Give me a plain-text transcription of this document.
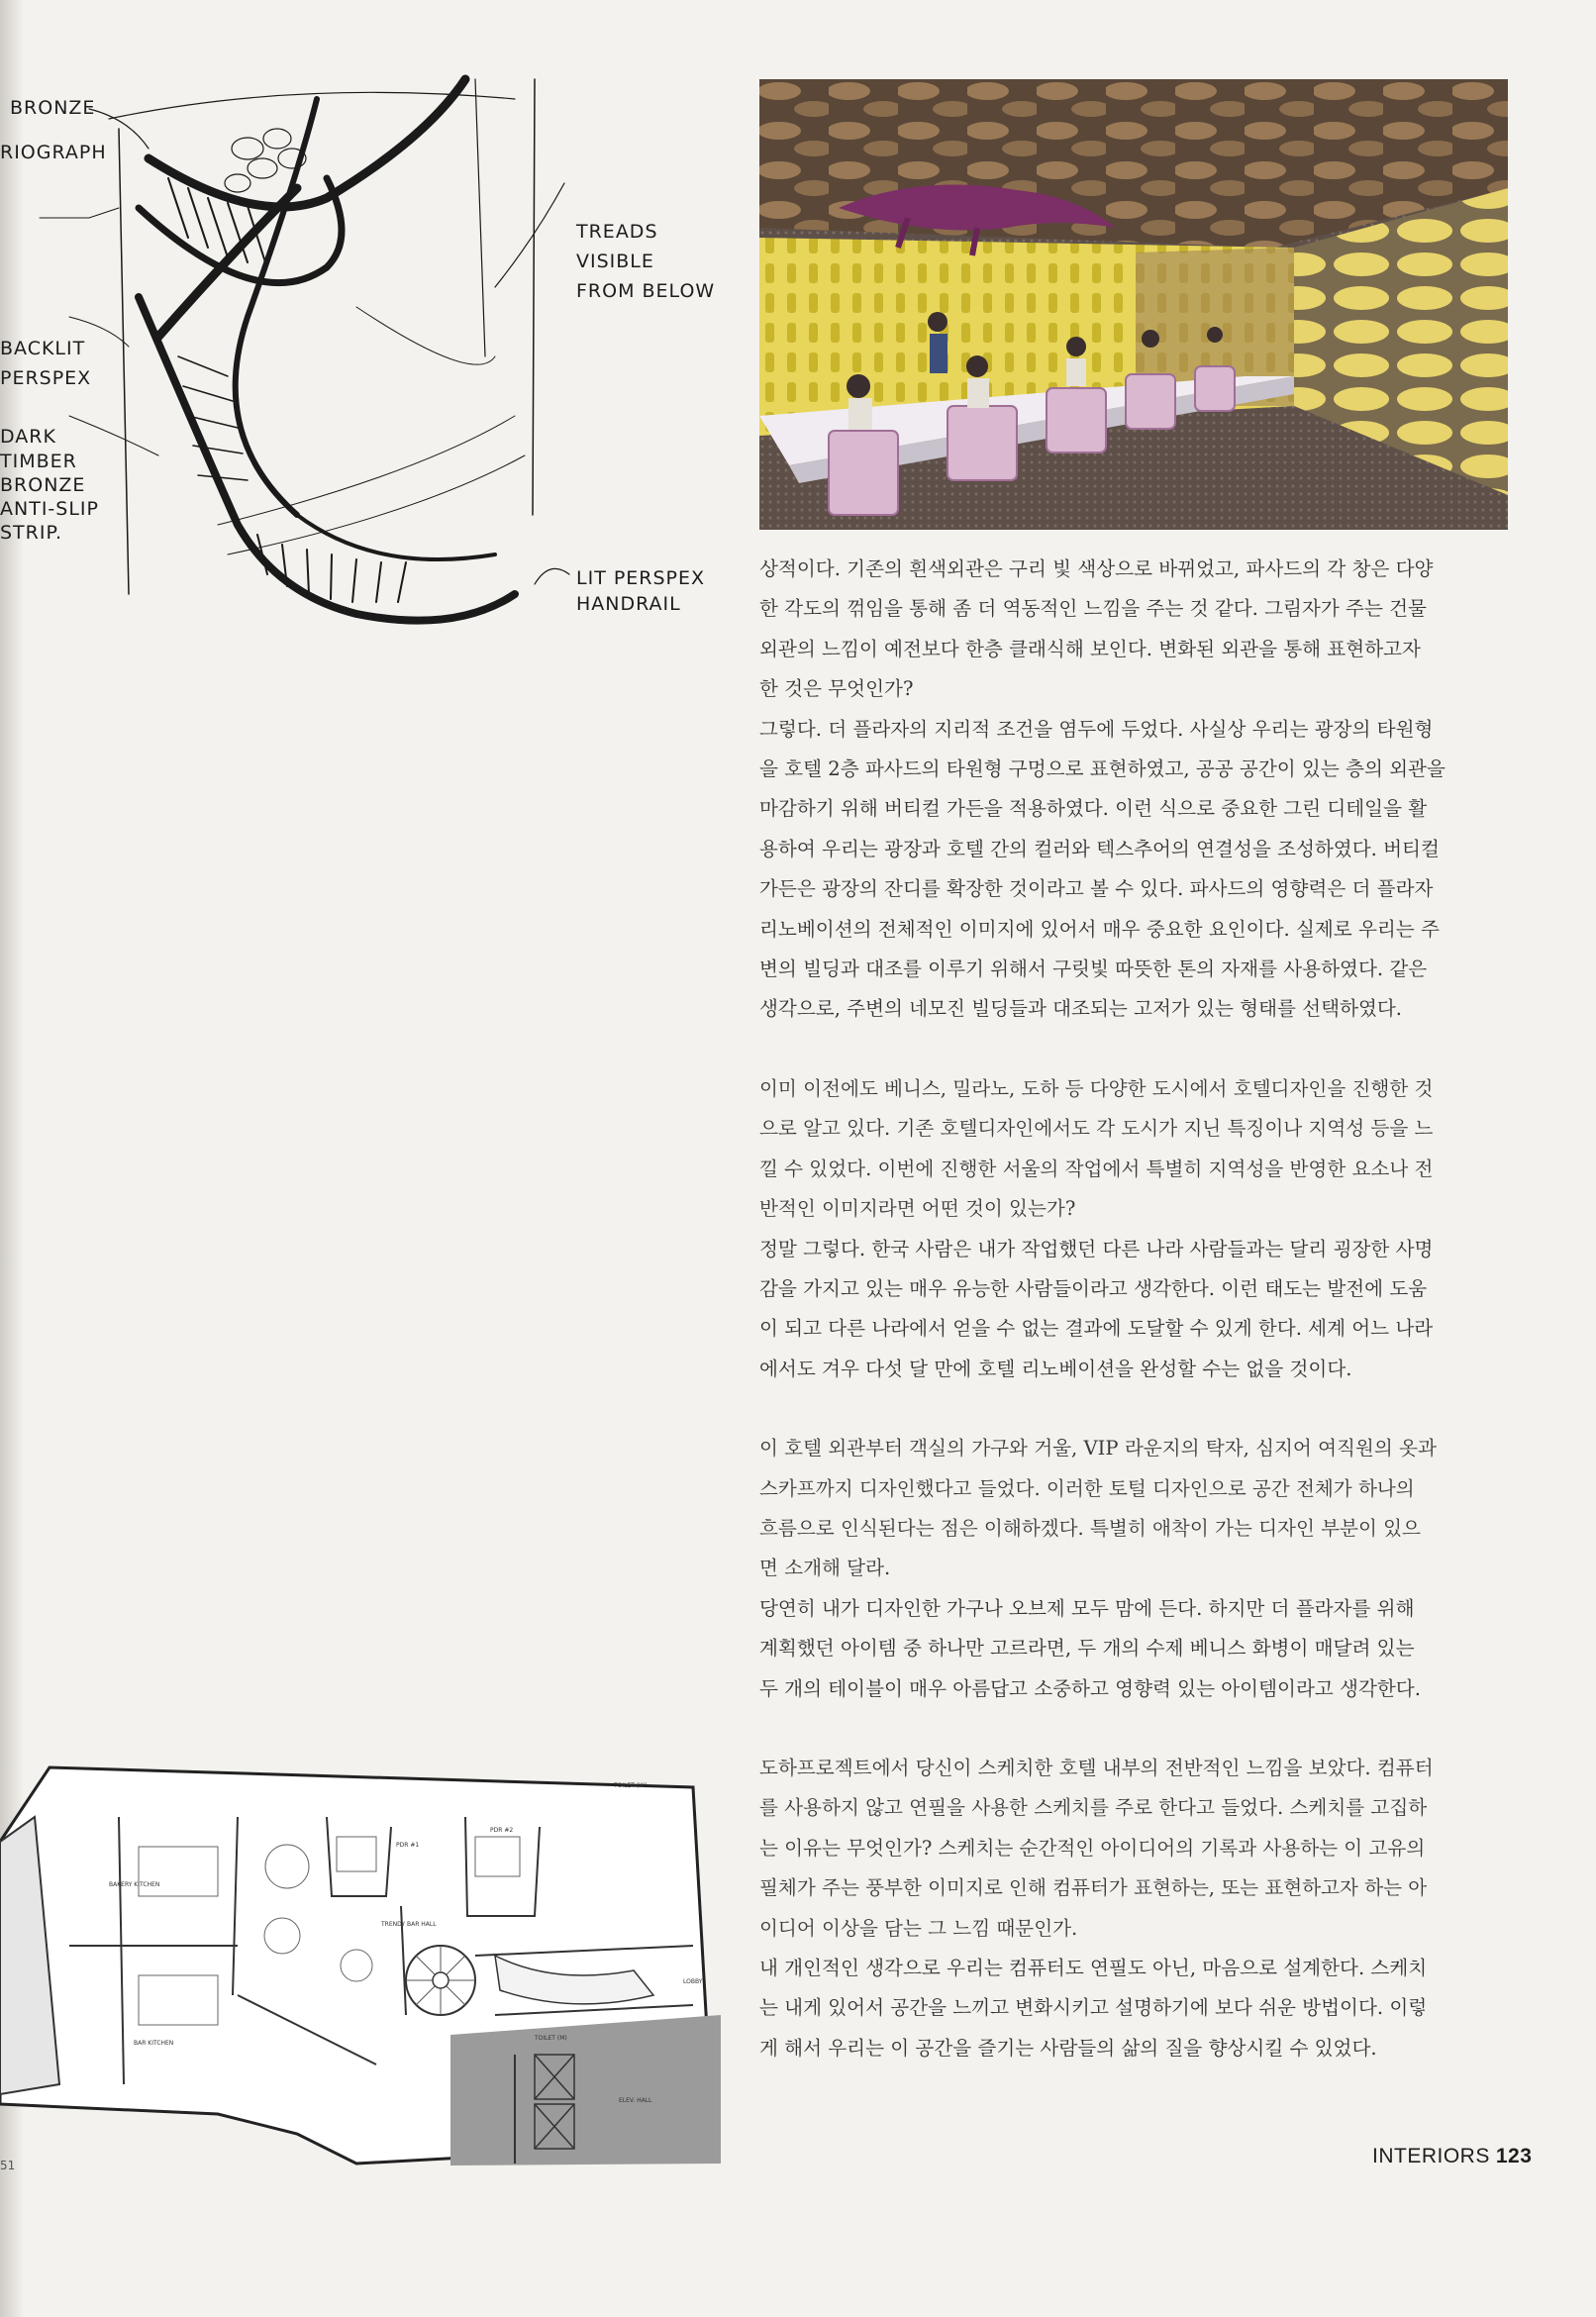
BRONZE
RIOGRAPH
TREADS
VISIBLE
FROM BELOW
BACKLIT
PERSPEX
DARK
TIMBER
BRONZE
ANTI-SLIP
STRIP.
LIT PERSPEX
HANDRAIL

상적이다. 기존의 흰색외관은 구리 빛 색상으로 바뀌었고, 파사드의 각 창은 다양

한 각도의 꺾임을 통해 좀 더 역동적인 느낌을 주는 것 같다. 그림자가 주는 건물

외관의 느낌이 예전보다 한층 클래식해 보인다. 변화된 외관을 통해 표현하고자

한 것은 무엇인가?

그렇다. 더 플라자의 지리적 조건을 염두에 두었다. 사실상 우리는 광장의 타원형

을 호텔 2층 파사드의 타원형 구멍으로 표현하였고, 공공 공간이 있는 층의 외관을

마감하기 위해 버티컬 가든을 적용하였다. 이런 식으로 중요한 그린 디테일을 활

용하여 우리는 광장과 호텔 간의 컬러와 텍스추어의 연결성을 조성하였다. 버티컬

가든은 광장의 잔디를 확장한 것이라고 볼 수 있다. 파사드의 영향력은 더 플라자

리노베이션의 전체적인 이미지에 있어서 매우 중요한 요인이다. 실제로 우리는 주

변의 빌딩과 대조를 이루기 위해서 구릿빛 따뜻한 톤의 자재를 사용하였다. 같은

생각으로, 주변의 네모진 빌딩들과 대조되는 고저가 있는 형태를 선택하였다.

이미 이전에도 베니스, 밀라노, 도하 등 다양한 도시에서 호텔디자인을 진행한 것

으로 알고 있다. 기존 호텔디자인에서도 각 도시가 지닌 특징이나 지역성 등을 느

낄 수 있었다. 이번에 진행한 서울의 작업에서 특별히 지역성을 반영한 요소나 전

반적인 이미지라면 어떤 것이 있는가?

정말 그렇다. 한국 사람은 내가 작업했던 다른 나라 사람들과는 달리 굉장한 사명

감을 가지고 있는 매우 유능한 사람들이라고 생각한다. 이런 태도는 발전에 도움

이 되고 다른 나라에서 얻을 수 없는 결과에 도달할 수 있게 한다. 세계 어느 나라

에서도 겨우 다섯 달 만에 호텔 리노베이션을 완성할 수는 없을 것이다.

이 호텔 외관부터 객실의 가구와 거울, VIP 라운지의 탁자, 심지어 여직원의 옷과

스카프까지 디자인했다고 들었다. 이러한 토털 디자인으로 공간 전체가 하나의

흐름으로 인식된다는 점은 이해하겠다. 특별히 애착이 가는 디자인 부분이 있으

면 소개해 달라.

당연히 내가 디자인한 가구나 오브제 모두 맘에 든다. 하지만 더 플라자를 위해

계획했던 아이템 중 하나만 고르라면, 두 개의 수제 베니스 화병이 매달려 있는

두 개의 테이블이 매우 아름답고 소중하고 영향력 있는 아이템이라고 생각한다.

도하프로젝트에서 당신이 스케치한 호텔 내부의 전반적인 느낌을 보았다. 컴퓨터

를 사용하지 않고 연필을 사용한 스케치를 주로 한다고 들었다. 스케치를 고집하

는 이유는 무엇인가? 스케치는 순간적인 아이디어의 기록과 사용하는 이 고유의

필체가 주는 풍부한 이미지로 인해 컴퓨터가 표현하는, 또는 표현하고자 하는 아

이디어 이상을 담는 그 느낌 때문인가.

내 개인적인 생각으로 우리는 컴퓨터도 연필도 아닌, 마음으로 설계한다. 스케치

는 내게 있어서 공간을 느끼고 변화시키고 설명하기에 보다 쉬운 방법이다. 이렇

게 해서 우리는 이 공간을 즐기는 사람들의 삶의 질을 향상시킬 수 있었다.

BAKERY KITCHEN
TRENDY BAR HALL
BAR KITCHEN
PDR #1
PDR #2
TOILET (W)
TOILET (M)
LOBBY
ELEV. HALL
51	INTERIORS 123
